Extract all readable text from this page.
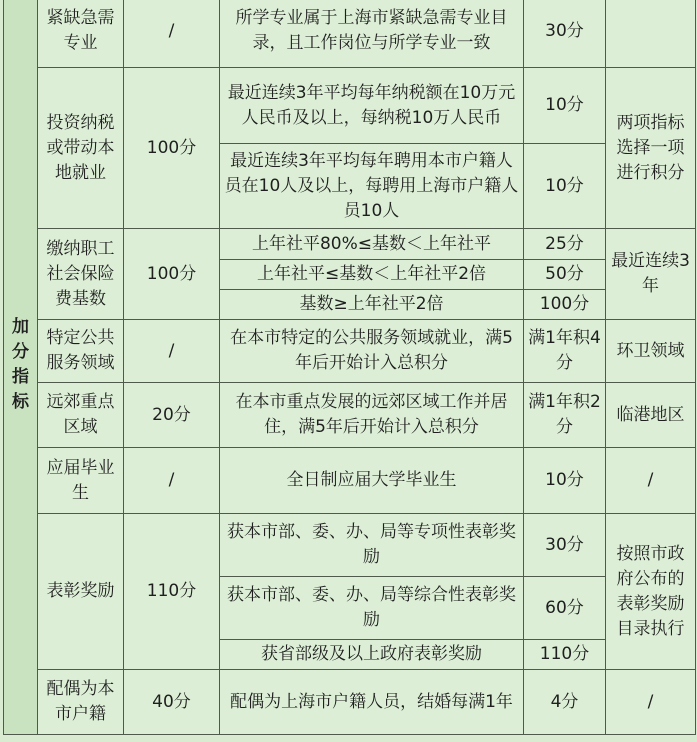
加分指标	紧缺急需专业	/	所学专业属于上海市紧缺急需专业目录，且工作岗位与所学专业一致	30分	
	投资纳税或带动本地就业	100分	最近连续3年平均每年纳税额在10万元人民币及以上，每纳税10万人民币	10分	两项指标选择一项进行积分
			最近连续3年平均每年聘用本市户籍人员在10人及以上，每聘用上海市户籍人员10人	10分	
	缴纳职工社会保险费基数	100分	上年社平80%≤基数＜上年社平	25分	最近连续3年
			上年社平≤基数＜上年社平2倍	50分	
			基数≥上年社平2倍	100分	
	特定公共服务领域	/	在本市特定的公共服务领域就业，满5年后开始计入总积分	满1年积4分	环卫领域
	远郊重点区域	20分	在本市重点发展的远郊区域工作并居住，满5年后开始计入总积分	满1年积2分	临港地区
	应届毕业生	/	全日制应届大学毕业生	10分	/
	表彰奖励	110分	获本市部、委、办、局等专项性表彰奖励	30分	按照市政府公布的表彰奖励目录执行
			获本市部、委、办、局等综合性表彰奖励	60分	
			获省部级及以上政府表彰奖励	110分	
	配偶为本市户籍	40分	配偶为上海市户籍人员，结婚每满1年	4分	/
